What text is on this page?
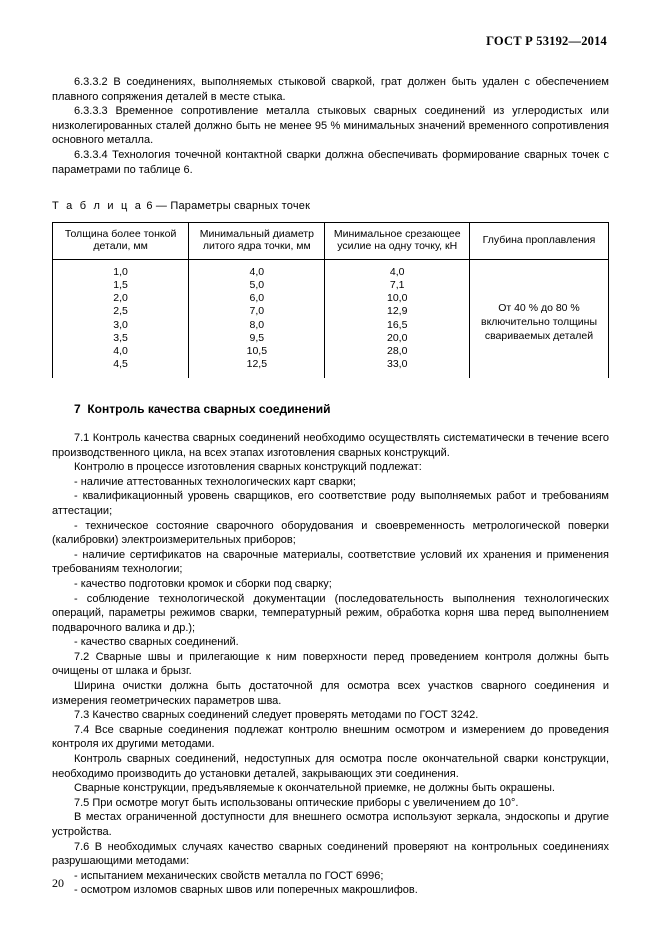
ГОСТ Р 53192—2014

6.3.3.2 В соединениях, выполняемых стыковой сваркой, грат должен быть удален с обеспечением плавного сопряжения деталей в месте стыка.

6.3.3.3 Временное сопротивление металла стыковых сварных соединений из углеродистых или низколегированных сталей должно быть не менее 95 % минимальных значений временного сопротивления основного металла.

6.3.3.4 Технология точечной контактной сварки должна обеспечивать формирование сварных точек с параметрами по таблице 6.

Т а б л и ц а 6 — Параметры сварных точек
Толщина более тонкой детали, мм	Минимальный диаметр литого ядра точки, мм	Минимальное срезающее усилие на одну точку, кН	Глубина проплавления
1,0	4,0	4,0	От 40 % до 80 % включительно толщины свариваемых деталей
1,5	5,0	7,1	
2,0	6,0	10,0	
2,5	7,0	12,9	
3,0	8,0	16,5	
3,5	9,5	20,0	
4,0	10,5	28,0	
4,5	12,5	33,0	
7 Контроль качества сварных соединений

7.1 Контроль качества сварных соединений необходимо осуществлять систематически в течение всего производственного цикла, на всех этапах изготовления сварных конструкций.

Контролю в процессе изготовления сварных конструкций подлежат:

- наличие аттестованных технологических карт сварки;

- квалификационный уровень сварщиков, его соответствие роду выполняемых работ и требованиям аттестации;

- техническое состояние сварочного оборудования и своевременность метрологической поверки (калибровки) электроизмерительных приборов;

- наличие сертификатов на сварочные материалы, соответствие условий их хранения и применения требованиям технологии;

- качество подготовки кромок и сборки под сварку;

- соблюдение технологической документации (последовательность выполнения технологических операций, параметры режимов сварки, температурный режим, обработка корня шва перед выполнением подварочного валика и др.);

- качество сварных соединений.

7.2 Сварные швы и прилегающие к ним поверхности перед проведением контроля должны быть очищены от шлака и брызг.

Ширина очистки должна быть достаточной для осмотра всех участков сварного соединения и измерения геометрических параметров шва.

7.3 Качество сварных соединений следует проверять методами по ГОСТ 3242.

7.4 Все сварные соединения подлежат контролю внешним осмотром и измерением до проведения контроля их другими методами.

Контроль сварных соединений, недоступных для осмотра после окончательной сварки конструкции, необходимо производить до установки деталей, закрывающих эти соединения.

Сварные конструкции, предъявляемые к окончательной приемке, не должны быть окрашены.

7.5 При осмотре могут быть использованы оптические приборы с увеличением до 10°.

В местах ограниченной доступности для внешнего осмотра используют зеркала, эндоскопы и другие устройства.

7.6 В необходимых случаях качество сварных соединений проверяют на контрольных соединениях разрушающими методами:

- испытанием механических свойств металла по ГОСТ 6996;

- осмотром изломов сварных швов или поперечных макрошлифов.

20
